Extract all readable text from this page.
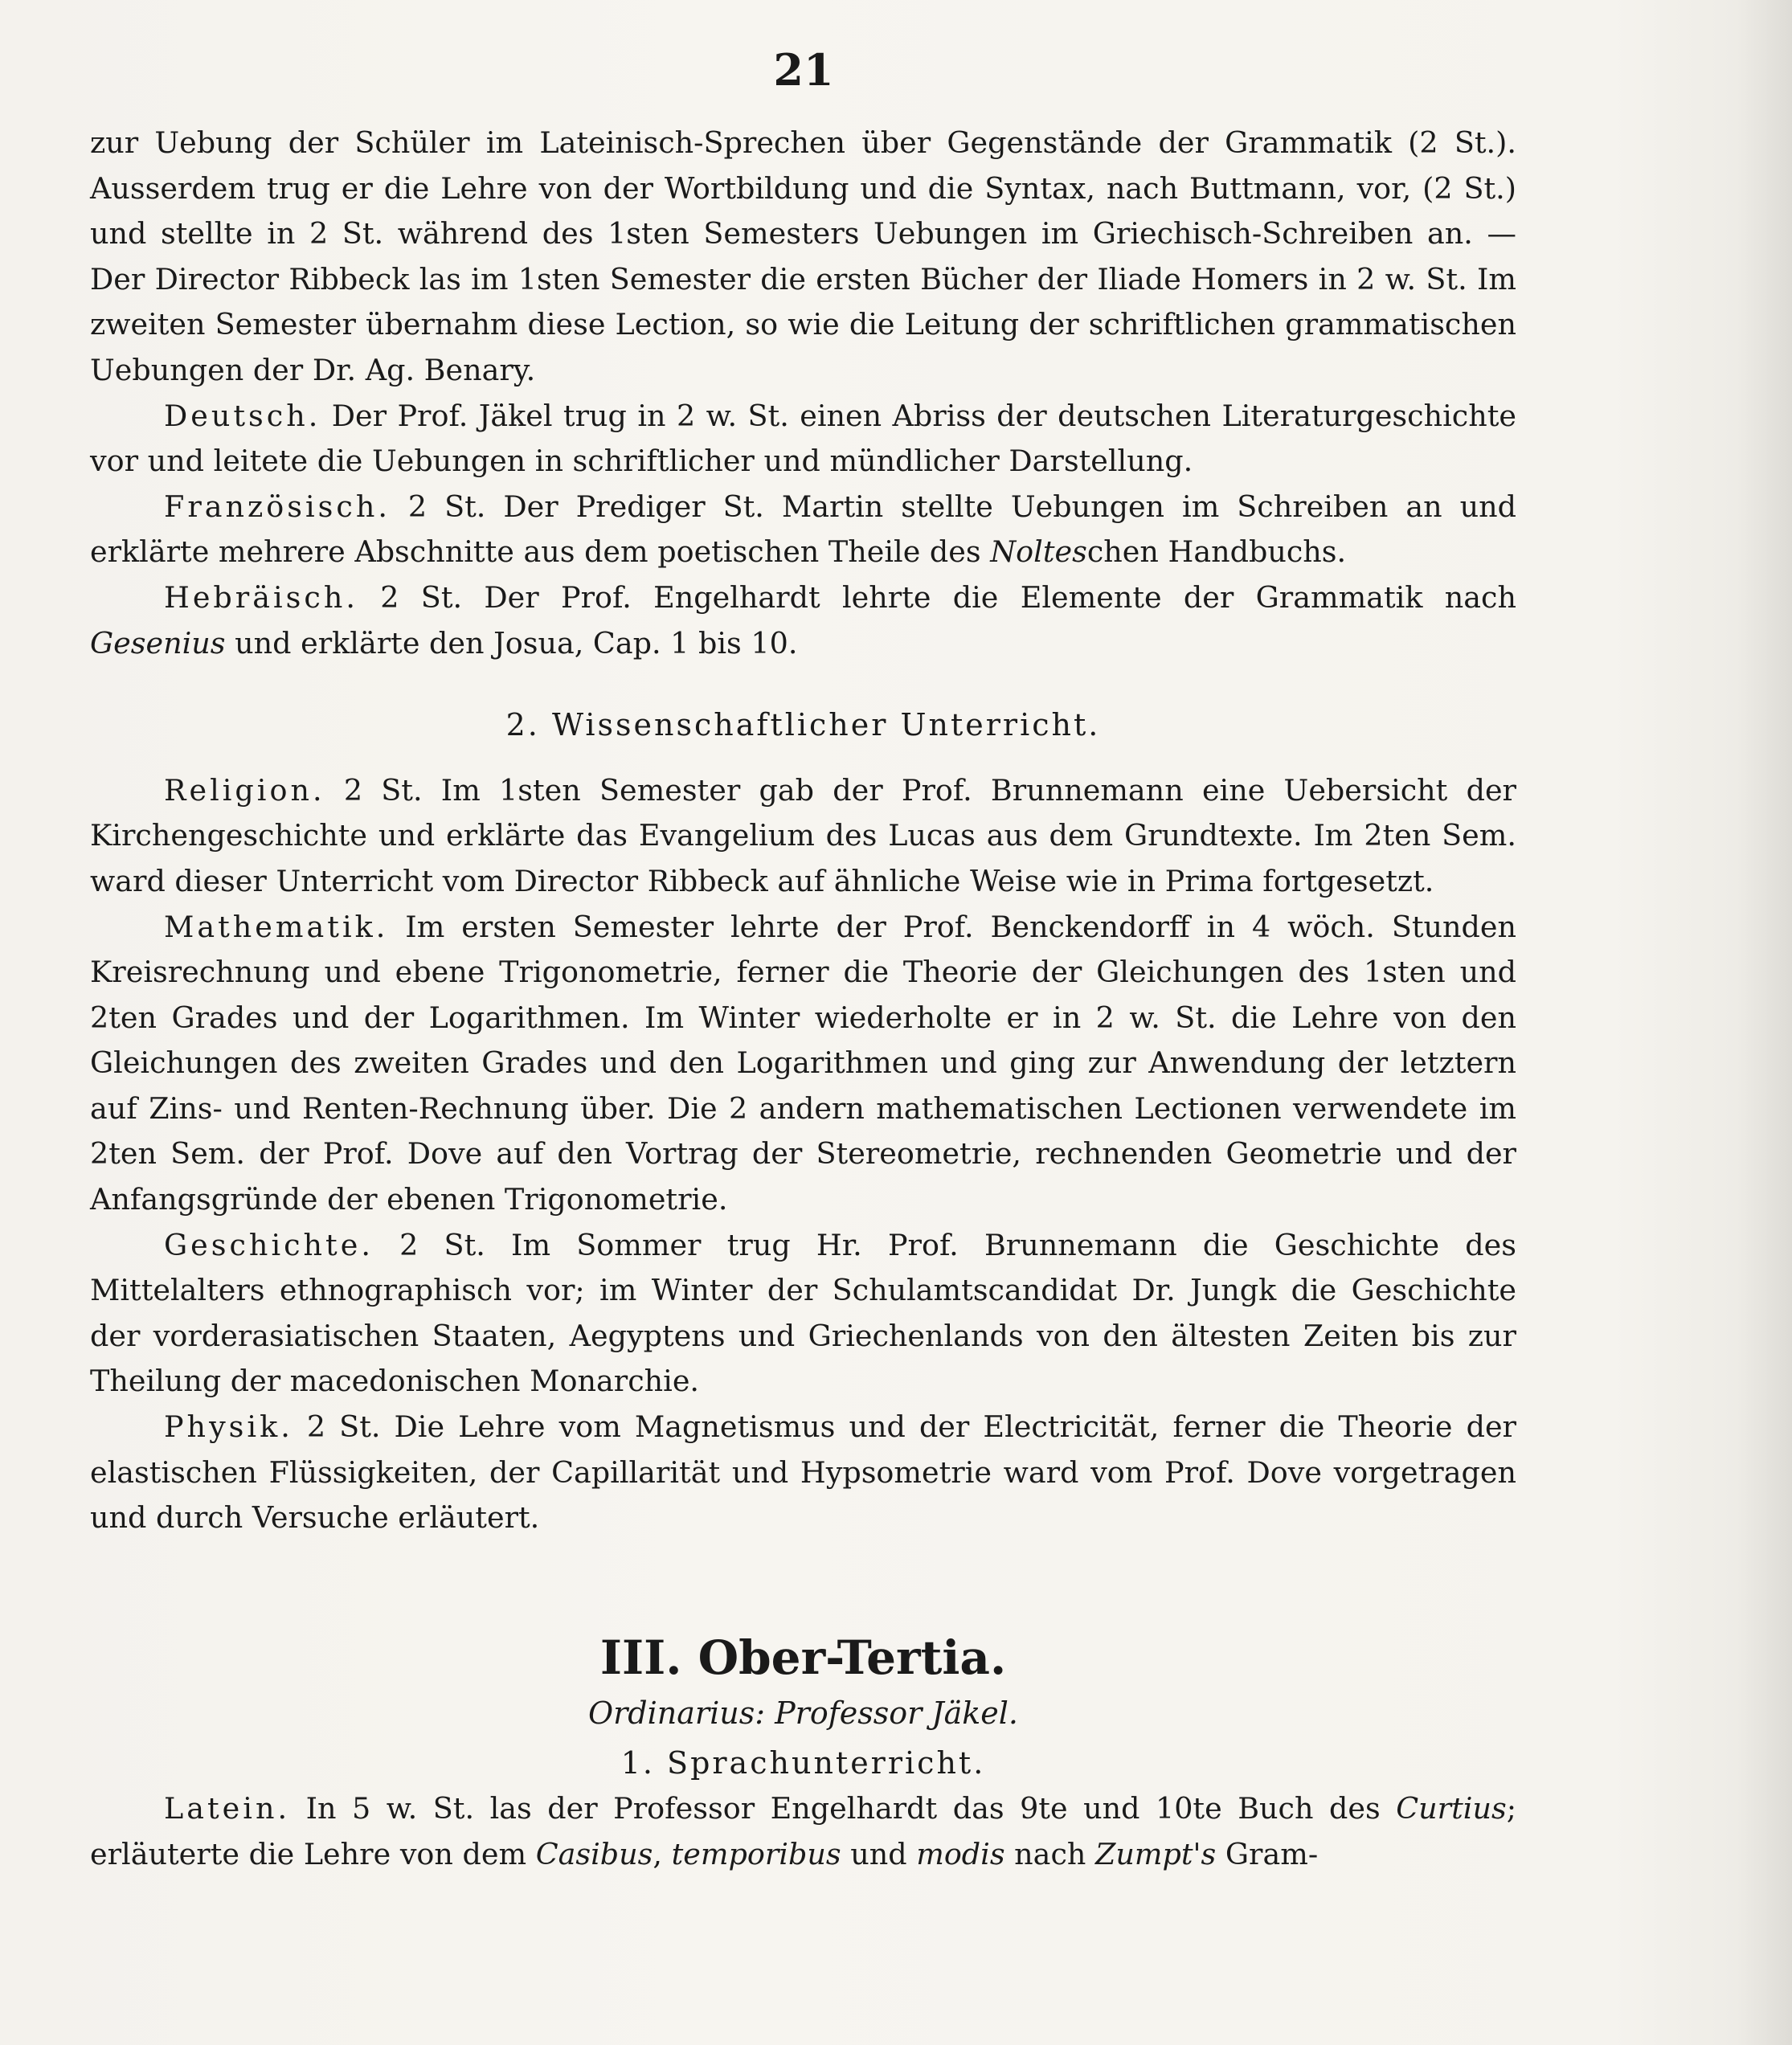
21

zur Uebung der Schüler im Lateinisch-Sprechen über Gegenstände der Grammatik (2 St.). Ausserdem trug er die Lehre von der Wortbildung und die Syntax, nach Buttmann, vor, (2 St.) und stellte in 2 St. während des 1sten Semesters Uebungen im Griechisch-Schreiben an. — Der Director Ribbeck las im 1sten Semester die ersten Bücher der Iliade Homers in 2 w. St. Im zweiten Semester übernahm diese Lection, so wie die Leitung der schriftlichen grammatischen Uebungen der Dr. Ag. Benary.

Deutsch. Der Prof. Jäkel trug in 2 w. St. einen Abriss der deutschen Literaturgeschichte vor und leitete die Uebungen in schriftlicher und mündlicher Darstellung.

Französisch. 2 St. Der Prediger St. Martin stellte Uebungen im Schreiben an und erklärte mehrere Abschnitte aus dem poetischen Theile des Nolteschen Handbuchs.

Hebräisch. 2 St. Der Prof. Engelhardt lehrte die Elemente der Grammatik nach Gesenius und erklärte den Josua, Cap. 1 bis 10.

2. Wissenschaftlicher Unterricht.

Religion. 2 St. Im 1sten Semester gab der Prof. Brunnemann eine Uebersicht der Kirchengeschichte und erklärte das Evangelium des Lucas aus dem Grundtexte. Im 2ten Sem. ward dieser Unterricht vom Director Ribbeck auf ähnliche Weise wie in Prima fortgesetzt.

Mathematik. Im ersten Semester lehrte der Prof. Benckendorff in 4 wöch. Stunden Kreisrechnung und ebene Trigonometrie, ferner die Theorie der Gleichungen des 1sten und 2ten Grades und der Logarithmen. Im Winter wiederholte er in 2 w. St. die Lehre von den Gleichungen des zweiten Grades und den Logarithmen und ging zur Anwendung der letztern auf Zins- und Renten-Rechnung über. Die 2 andern mathematischen Lectionen verwendete im 2ten Sem. der Prof. Dove auf den Vortrag der Stereometrie, rechnenden Geometrie und der Anfangsgründe der ebenen Trigonometrie.

Geschichte. 2 St. Im Sommer trug Hr. Prof. Brunnemann die Geschichte des Mittelalters ethnographisch vor; im Winter der Schulamtscandidat Dr. Jungk die Geschichte der vorderasiatischen Staaten, Aegyptens und Griechenlands von den ältesten Zeiten bis zur Theilung der macedonischen Monarchie.

Physik. 2 St. Die Lehre vom Magnetismus und der Electricität, ferner die Theorie der elastischen Flüssigkeiten, der Capillarität und Hypsometrie ward vom Prof. Dove vorgetragen und durch Versuche erläutert.

III. Ober-Tertia.

Ordinarius: Professor Jäkel.

1. Sprachunterricht.

Latein. In 5 w. St. las der Professor Engelhardt das 9te und 10te Buch des Curtius; erläuterte die Lehre von dem Casibus, temporibus und modis nach Zumpt's Gram-
